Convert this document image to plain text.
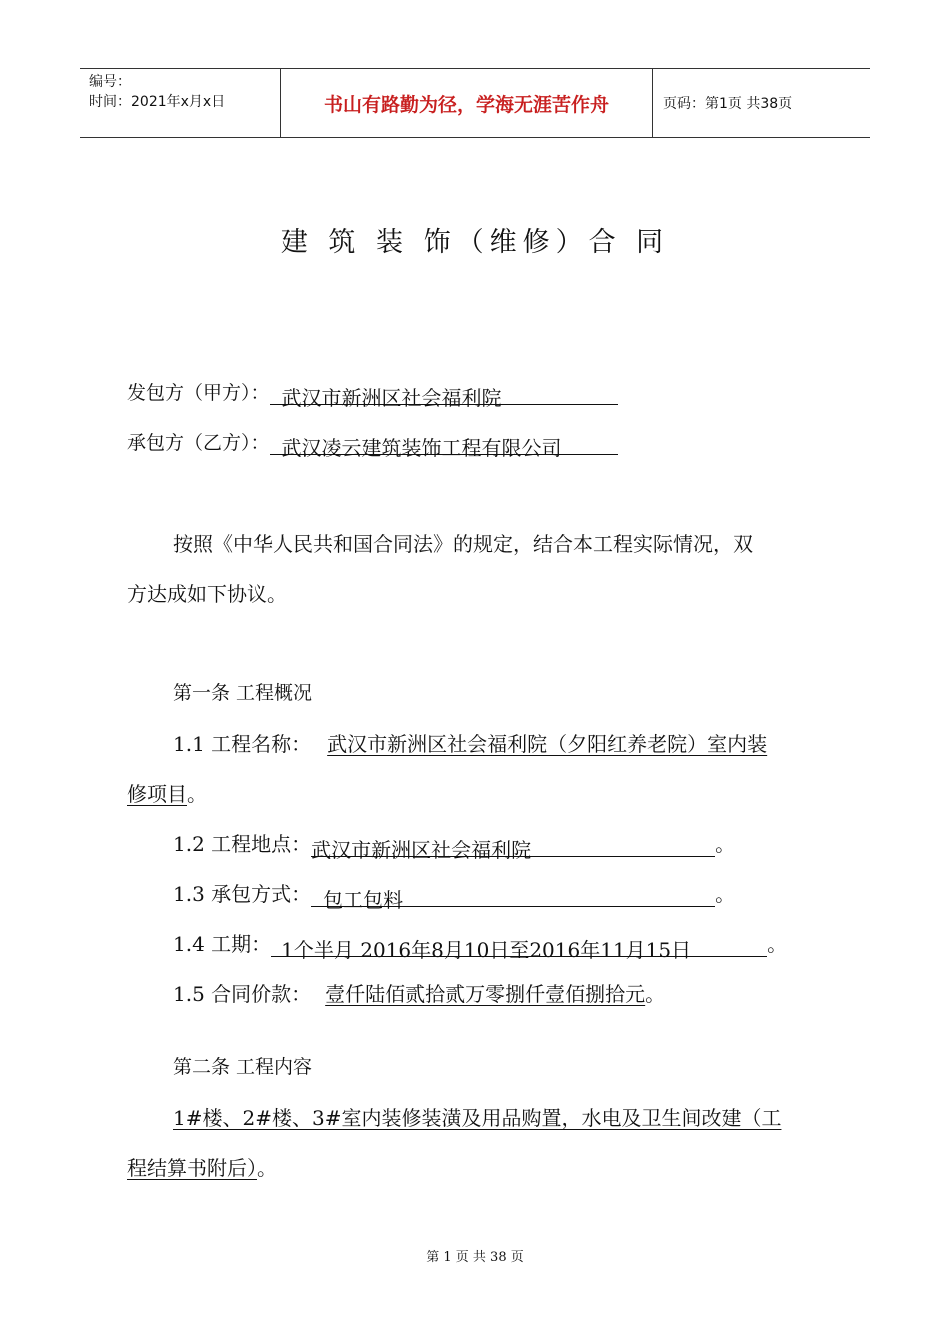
编号：
时间：2021年x月x日	书山有路勤为径，学海无涯苦作舟	页码：第1页 共38页
建 筑 装 饰（维修）合 同
发包方（甲方）： 武汉市新洲区社会福利院
承包方（乙方）： 武汉凌云建筑装饰工程有限公司
按照《中华人民共和国合同法》的规定，结合本工程实际情况，双
方达成如下协议。
第一条 工程概况
1.1 工程名称： 武汉市新洲区社会福利院（夕阳红养老院）室内装
修项目。
1.2 工程地点：武汉市新洲区社会福利院	。
1.3 承包方式： 包工包料	。
1.4 工期： 1个半月 2016年8月10日至2016年11月15日	。
1.5 合同价款： 壹仟陆佰贰拾贰万零捌仟壹佰捌拾元。
第二条 工程内容
1#楼、2#楼、3#室内装修装潢及用品购置，水电及卫生间改建（工
程结算书附后）。
第 1 页 共 38 页
